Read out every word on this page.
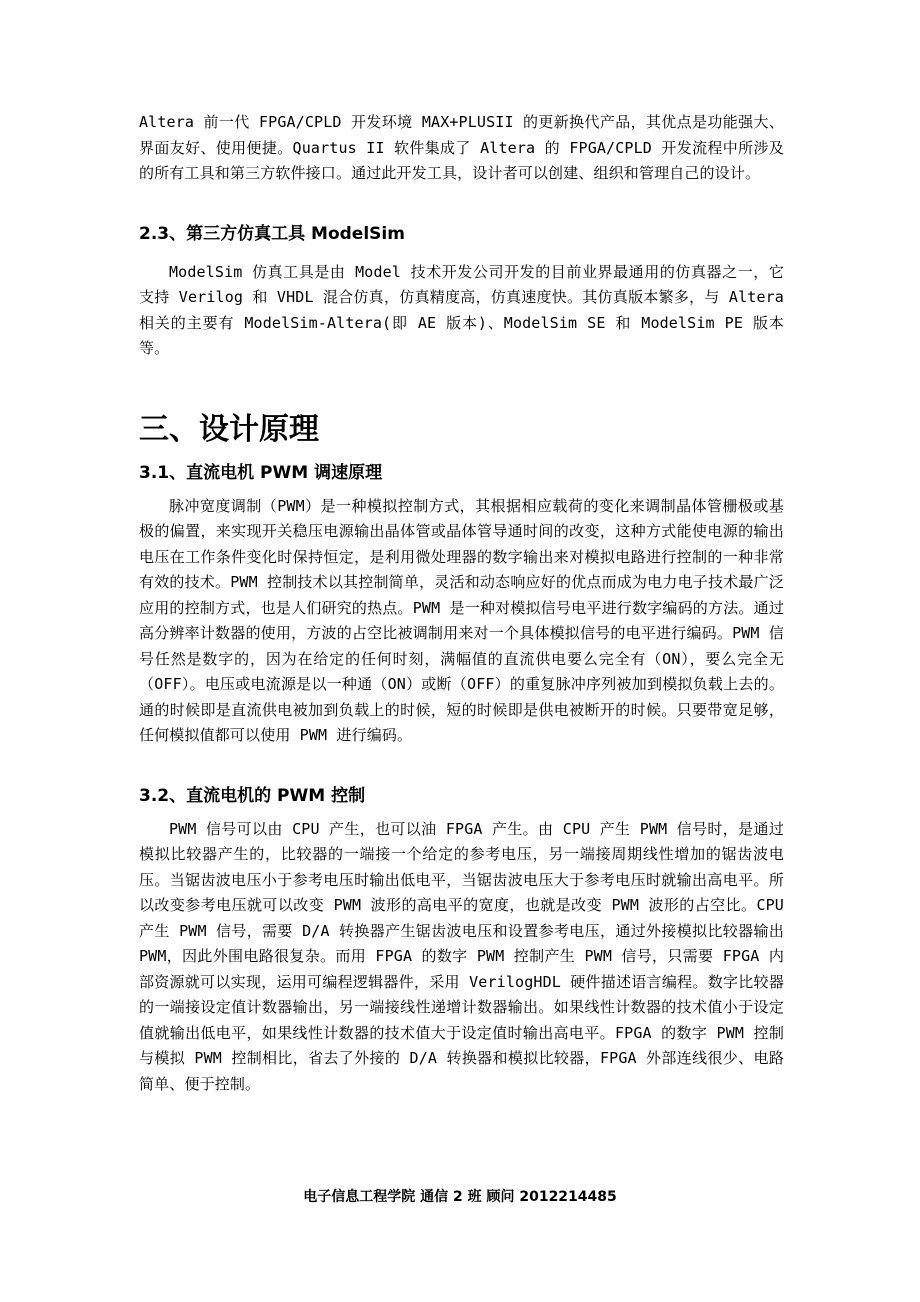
Altera 前一代 FPGA/CPLD 开发环境 MAX+PLUSII 的更新换代产品，其优点是功能强大、界面友好、使用便捷。Quartus II 软件集成了 Altera 的 FPGA/CPLD 开发流程中所涉及的所有工具和第三方软件接口。通过此开发工具，设计者可以创建、组织和管理自己的设计。

2.3、第三方仿真工具 ModelSim

ModelSim 仿真工具是由 Model 技术开发公司开发的目前业界最通用的仿真器之一，它支持 Verilog 和 VHDL 混合仿真，仿真精度高，仿真速度快。其仿真版本繁多，与 Altera 相关的主要有 ModelSim-Altera(即 AE 版本)、ModelSim SE 和 ModelSim PE 版本等。

三、设计原理
3.1、直流电机 PWM 调速原理

脉冲宽度调制（PWM）是一种模拟控制方式，其根据相应载荷的变化来调制晶体管栅极或基极的偏置，来实现开关稳压电源输出晶体管或晶体管导通时间的改变，这种方式能使电源的输出电压在工作条件变化时保持恒定，是利用微处理器的数字输出来对模拟电路进行控制的一种非常有效的技术。PWM 控制技术以其控制简单，灵活和动态响应好的优点而成为电力电子技术最广泛应用的控制方式，也是人们研究的热点。PWM 是一种对模拟信号电平进行数字编码的方法。通过高分辨率计数器的使用，方波的占空比被调制用来对一个具体模拟信号的电平进行编码。PWM 信号任然是数字的，因为在给定的任何时刻，满幅值的直流供电要么完全有（ON），要么完全无（OFF）。电压或电流源是以一种通（ON）或断（OFF）的重复脉冲序列被加到模拟负载上去的。通的时候即是直流供电被加到负载上的时候，短的时候即是供电被断开的时候。只要带宽足够，任何模拟值都可以使用 PWM 进行编码。

3.2、直流电机的 PWM 控制

PWM 信号可以由 CPU 产生，也可以油 FPGA 产生。由 CPU 产生 PWM 信号时，是通过模拟比较器产生的，比较器的一端接一个给定的参考电压，另一端接周期线性增加的锯齿波电压。当锯齿波电压小于参考电压时输出低电平，当锯齿波电压大于参考电压时就输出高电平。所以改变参考电压就可以改变 PWM 波形的高电平的宽度，也就是改变 PWM 波形的占空比。CPU 产生 PWM 信号，需要 D/A 转换器产生锯齿波电压和设置参考电压，通过外接模拟比较器输出 PWM，因此外围电路很复杂。而用 FPGA 的数字 PWM 控制产生 PWM 信号，只需要 FPGA 内部资源就可以实现，运用可编程逻辑器件，采用 VerilogHDL 硬件描述语言编程。数字比较器的一端接设定值计数器输出，另一端接线性递增计数器输出。如果线性计数器的技术值小于设定值就输出低电平，如果线性计数器的技术值大于设定值时输出高电平。FPGA 的数字 PWM 控制与模拟 PWM 控制相比，省去了外接的 D/A 转换器和模拟比较器，FPGA 外部连线很少、电路简单、便于控制。

电子信息工程学院 通信 2 班 顾问 2012214485
